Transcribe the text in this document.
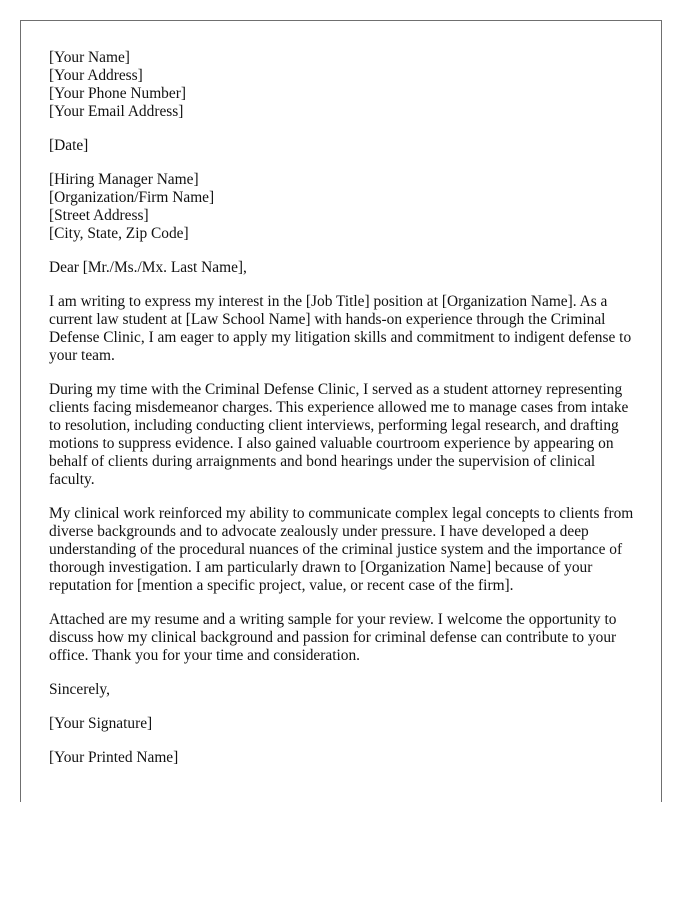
[Your Name]
[Your Address]
[Your Phone Number]
[Your Email Address]
[Date]
[Hiring Manager Name]
[Organization/Firm Name]
[Street Address]
[City, State, Zip Code]
Dear [Mr./Ms./Mx. Last Name],

I am writing to express my interest in the [Job Title] position at [Organization Name]. As a current law student at [Law School Name] with hands-on experience through the Criminal Defense Clinic, I am eager to apply my litigation skills and commitment to indigent defense to your team.

During my time with the Criminal Defense Clinic, I served as a student attorney representing clients facing misdemeanor charges. This experience allowed me to manage cases from intake to resolution, including conducting client interviews, performing legal research, and drafting motions to suppress evidence. I also gained valuable courtroom experience by appearing on behalf of clients during arraignments and bond hearings under the supervision of clinical faculty.

My clinical work reinforced my ability to communicate complex legal concepts to clients from diverse backgrounds and to advocate zealously under pressure. I have developed a deep understanding of the procedural nuances of the criminal justice system and the importance of thorough investigation. I am particularly drawn to [Organization Name] because of your reputation for [mention a specific project, value, or recent case of the firm].

Attached are my resume and a writing sample for your review. I welcome the opportunity to discuss how my clinical background and passion for criminal defense can contribute to your office. Thank you for your time and consideration.

Sincerely,
[Your Signature]
[Your Printed Name]
